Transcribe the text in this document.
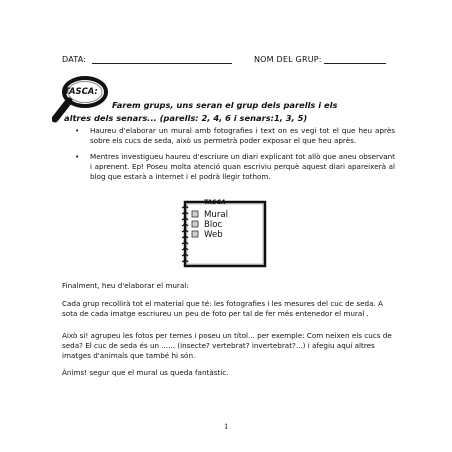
DATA:	NOM DEL GRUP:
TASCA:
Farem grups, uns seran el grup dels parells i els
altres dels senars... (parells: 2, 4, 6 i senars:1, 3, 5)
• Haureu d'elaborar un mural amb fotografies i text on es vegi tot el que heu après sobre els cucs de seda, això us permetrà poder exposar el que heu après.
• Mentres investigueu haureu d'escriure un diari explicant tot allò que aneu observant i aprenent. Ep! Poseu molta atenció quan escriviu perquè aquest diari apareixerà al blog que estarà a internet i el podrà llegir tothom.
TASCA
Mural
Bloc
Web
Finalment, heu d'elaborar el mural:
Cada grup recollirà tot el material que té: les fotografies i les mesures del cuc de seda. A sota de cada imatge escriureu un peu de foto per tal de fer més entenedor el mural .
Això si! agrupeu les fotos per temes i poseu un títol... per exemple: Com neixen els cucs de seda? El cuc de seda és un ...... (insecte? vertebrat? invertebrat?...) i afegiu aquí altres imatges d'animals que també hi són.
Ànims! segur que el mural us queda fantàstic.
1
